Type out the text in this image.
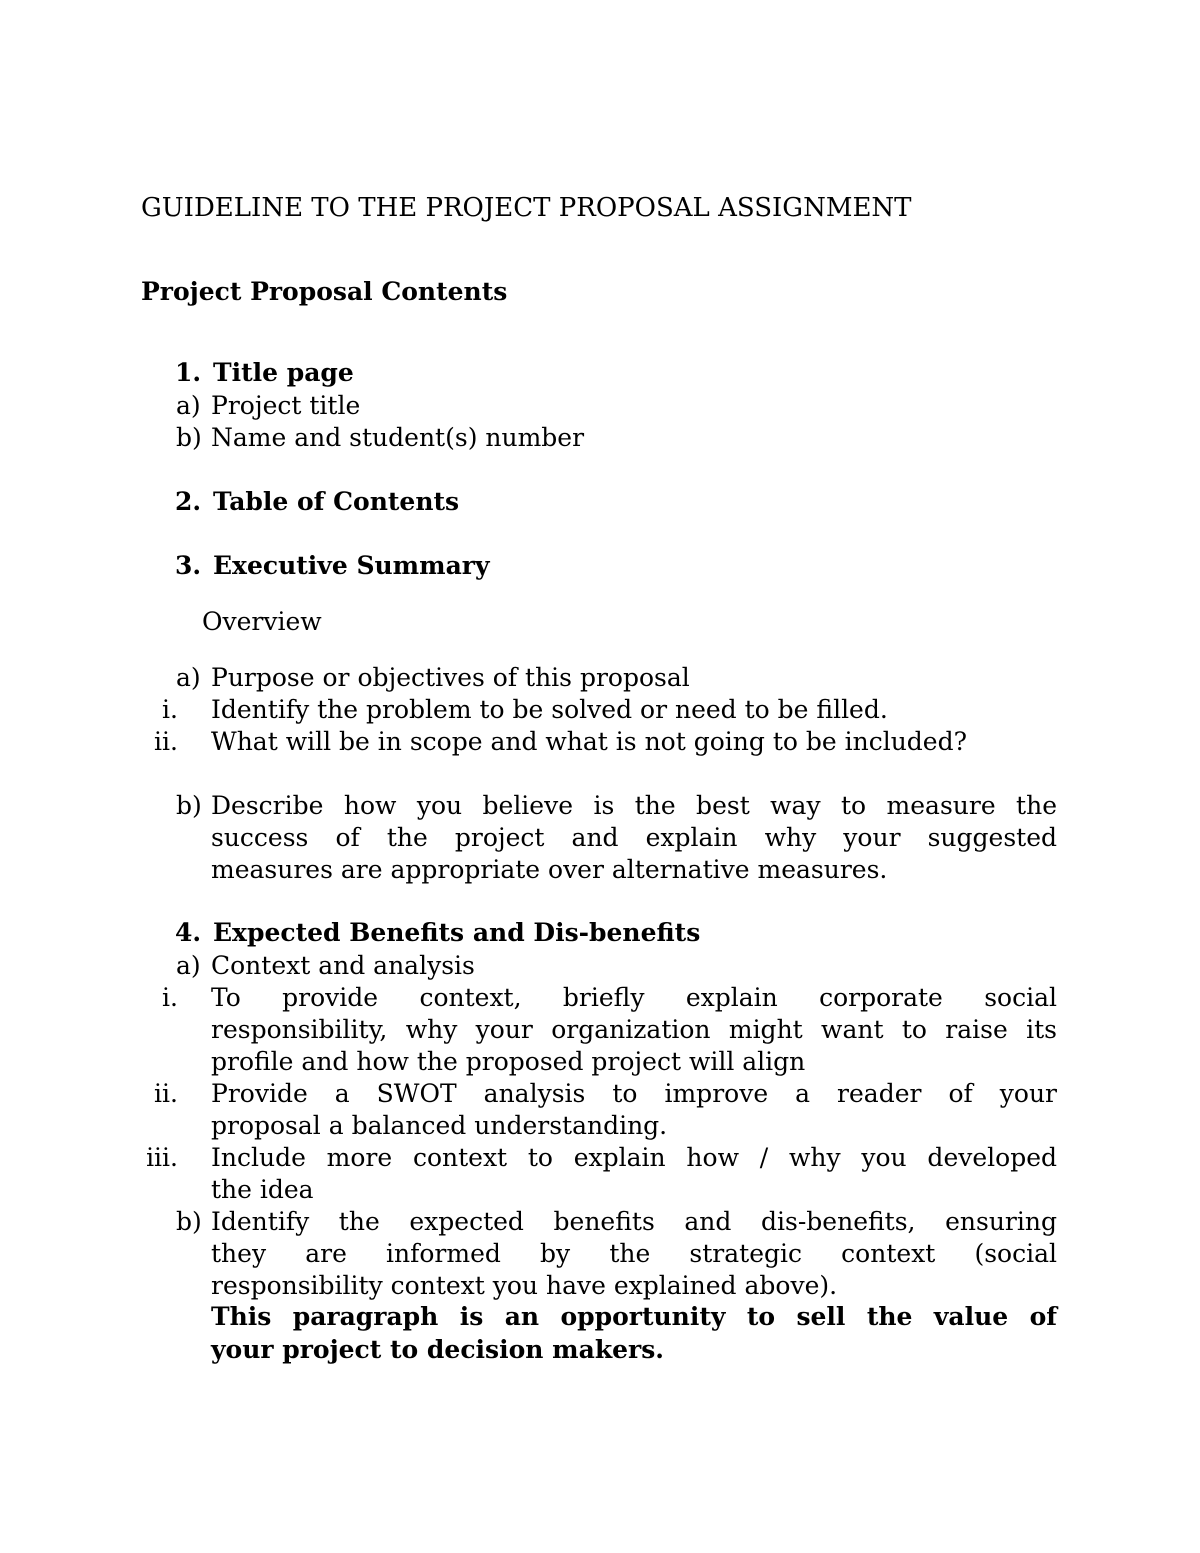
GUIDELINE TO THE PROJECT PROPOSAL ASSIGNMENT
Project Proposal Contents
1. Title page
a) Project title
b) Name and student(s) number
2. Table of Contents
3. Executive Summary
Overview
a) Purpose or objectives of this proposal
i. Identify the problem to be solved or need to be filled.
ii. What will be in scope and what is not going to be included?
b) Describe how you believe is the best way to measure the
success of the project and explain why your suggested
measures are appropriate over alternative measures.
4. Expected Benefits and Dis-benefits
a) Context and analysis
i. To provide context, briefly explain corporate social
responsibility, why your organization might want to raise its
profile and how the proposed project will align
ii. Provide a SWOT analysis to improve a reader of your
proposal a balanced understanding.
iii. Include more context to explain how / why you developed
the idea
b) Identify the expected benefits and dis-benefits, ensuring
they are informed by the strategic context (social
responsibility context you have explained above).
This paragraph is an opportunity to sell the value of
your project to decision makers.
